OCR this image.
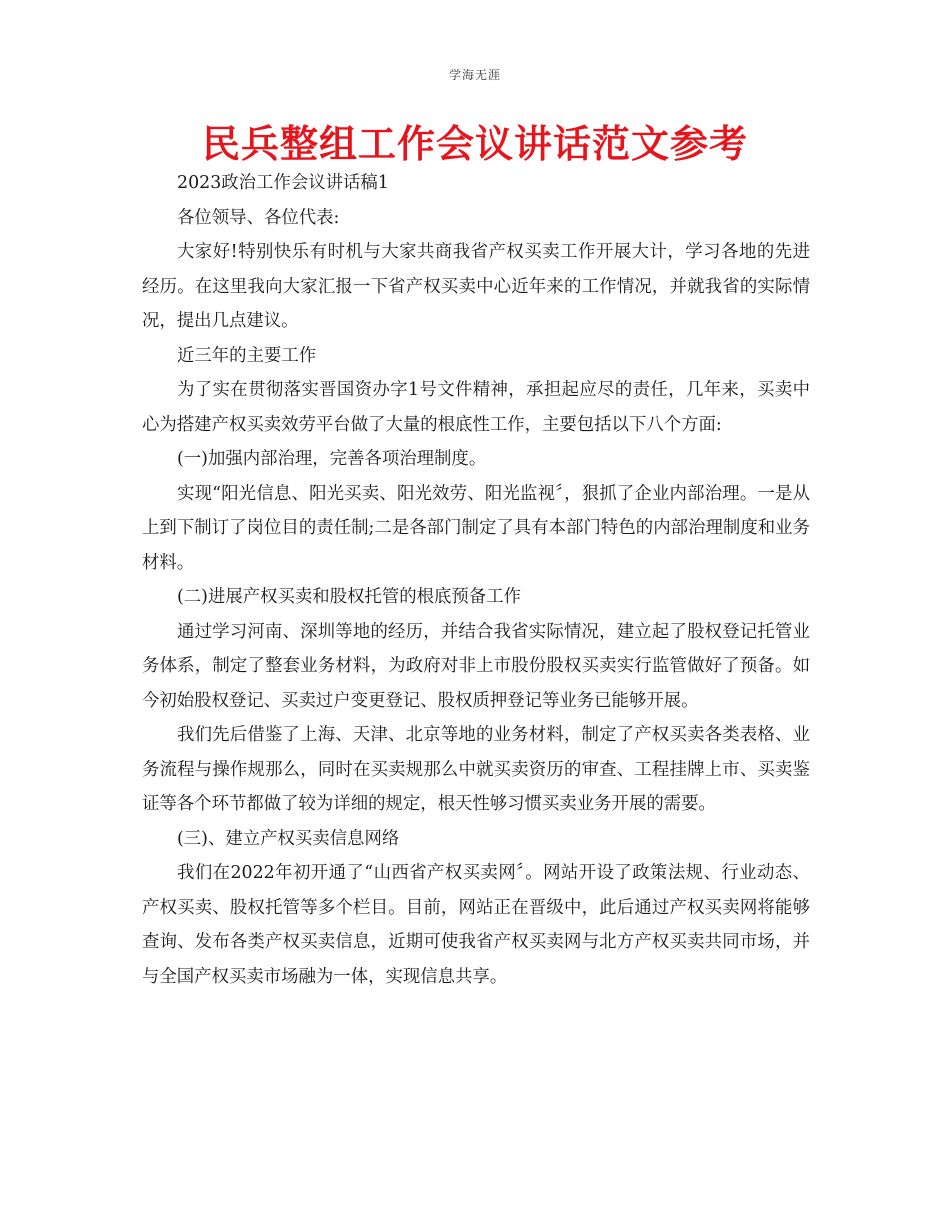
学海无涯
民兵整组工作会议讲话范文参考

2023政治工作会议讲话稿1

各位领导、各位代表:

大家好!特别快乐有时机与大家共商我省产权买卖工作开展大计，学习各地的先进经历。在这里我向大家汇报一下省产权买卖中心近年来的工作情况，并就我省的实际情况，提出几点建议。

近三年的主要工作

为了实在贯彻落实晋国资办字1号文件精神，承担起应尽的责任，几年来，买卖中心为搭建产权买卖效劳平台做了大量的根底性工作，主要包括以下八个方面:

(一)加强内部治理，完善各项治理制度。

实现“阳光信息、阳光买卖、阳光效劳、阳光监视〞，狠抓了企业内部治理。一是从上到下制订了岗位目的责任制;二是各部门制定了具有本部门特色的内部治理制度和业务材料。

(二)进展产权买卖和股权托管的根底预备工作

通过学习河南、深圳等地的经历，并结合我省实际情况，建立起了股权登记托管业务体系，制定了整套业务材料，为政府对非上市股份股权买卖实行监管做好了预备。如今初始股权登记、买卖过户变更登记、股权质押登记等业务已能够开展。

我们先后借鉴了上海、天津、北京等地的业务材料，制定了产权买卖各类表格、业务流程与操作规那么，同时在买卖规那么中就买卖资历的审查、工程挂牌上市、买卖鉴证等各个环节都做了较为详细的规定，根天性够习惯买卖业务开展的需要。

(三)、建立产权买卖信息网络

我们在2022年初开通了“山西省产权买卖网〞。网站开设了政策法规、行业动态、产权买卖、股权托管等多个栏目。目前，网站正在晋级中，此后通过产权买卖网将能够查询、发布各类产权买卖信息，近期可使我省产权买卖网与北方产权买卖共同市场，并与全国产权买卖市场融为一体，实现信息共享。
